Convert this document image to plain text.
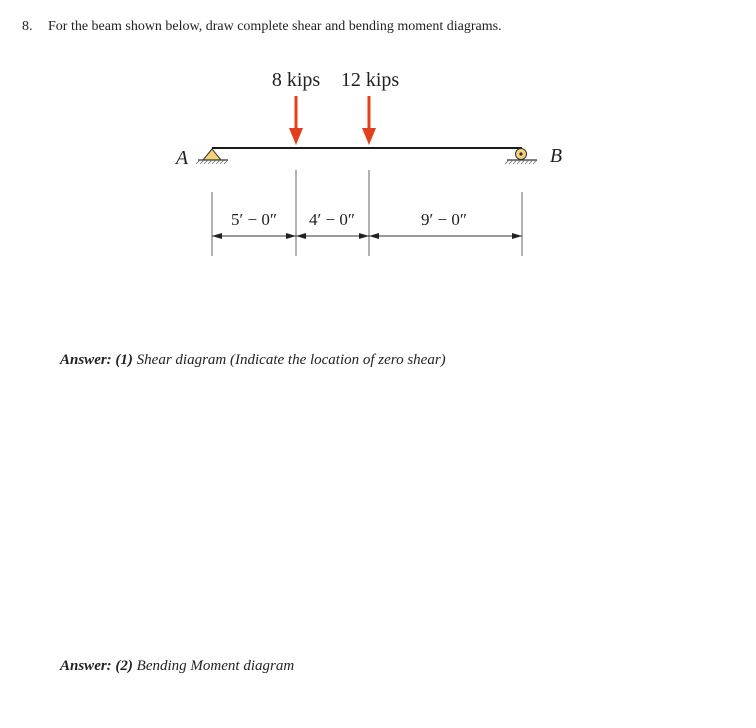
8. For the beam shown below, draw complete shear and bending moment diagrams.
8 kips 12 kips
A	B
5′ − 0″ 4′ − 0″	9′ − 0″
Answer: (1) Shear diagram (Indicate the location of zero shear)
Answer: (2) Bending Moment diagram
